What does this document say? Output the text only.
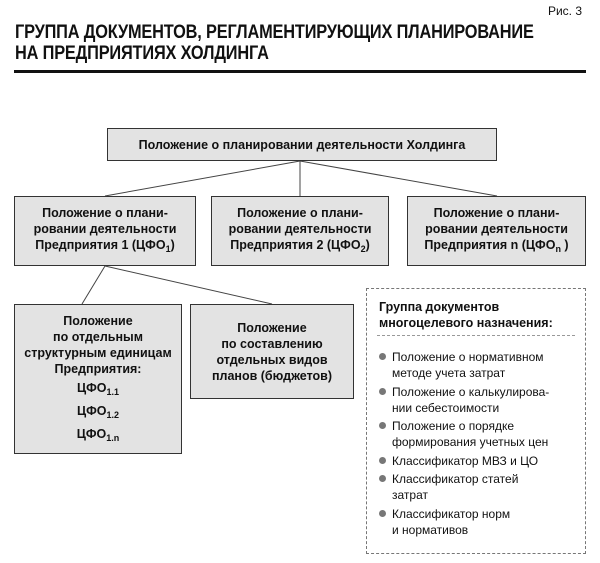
Рис. 3
ГРУППА ДОКУМЕНТОВ, РЕГЛАМЕНТИРУЮЩИХ ПЛАНИРОВАНИЕ
НА ПРЕДПРИЯТИЯХ ХОЛДИНГА
Положение о планировании деятельности Холдинга
Положение о плани-
ровании деятельности
Предприятия 1 $(ЦФО_1)$
Положение о плани-
ровании деятельности
Предприятия 2 $(ЦФО_2)$
Положение о плани-
ровании деятельности
Предприятия n ($ЦФО_n$ )
Положение
по отдельным
структурным единицам
Предприятия:
$ЦФО_{1.1}$
$ЦФО_{1.2}$
$ЦФО_{1.n}$
Положение
по составлению
отдельных видов
планов (бюджетов)
Группа документов
многоцелевого назначения:
Положение о нормативном
методе учета затрат
Положение о калькулирова-
нии себестоимости
Положение о порядке
формирования учетных цен
Классификатор МВЗ и ЦО
Классификатор статей
затрат
Классификатор норм
и нормативов
